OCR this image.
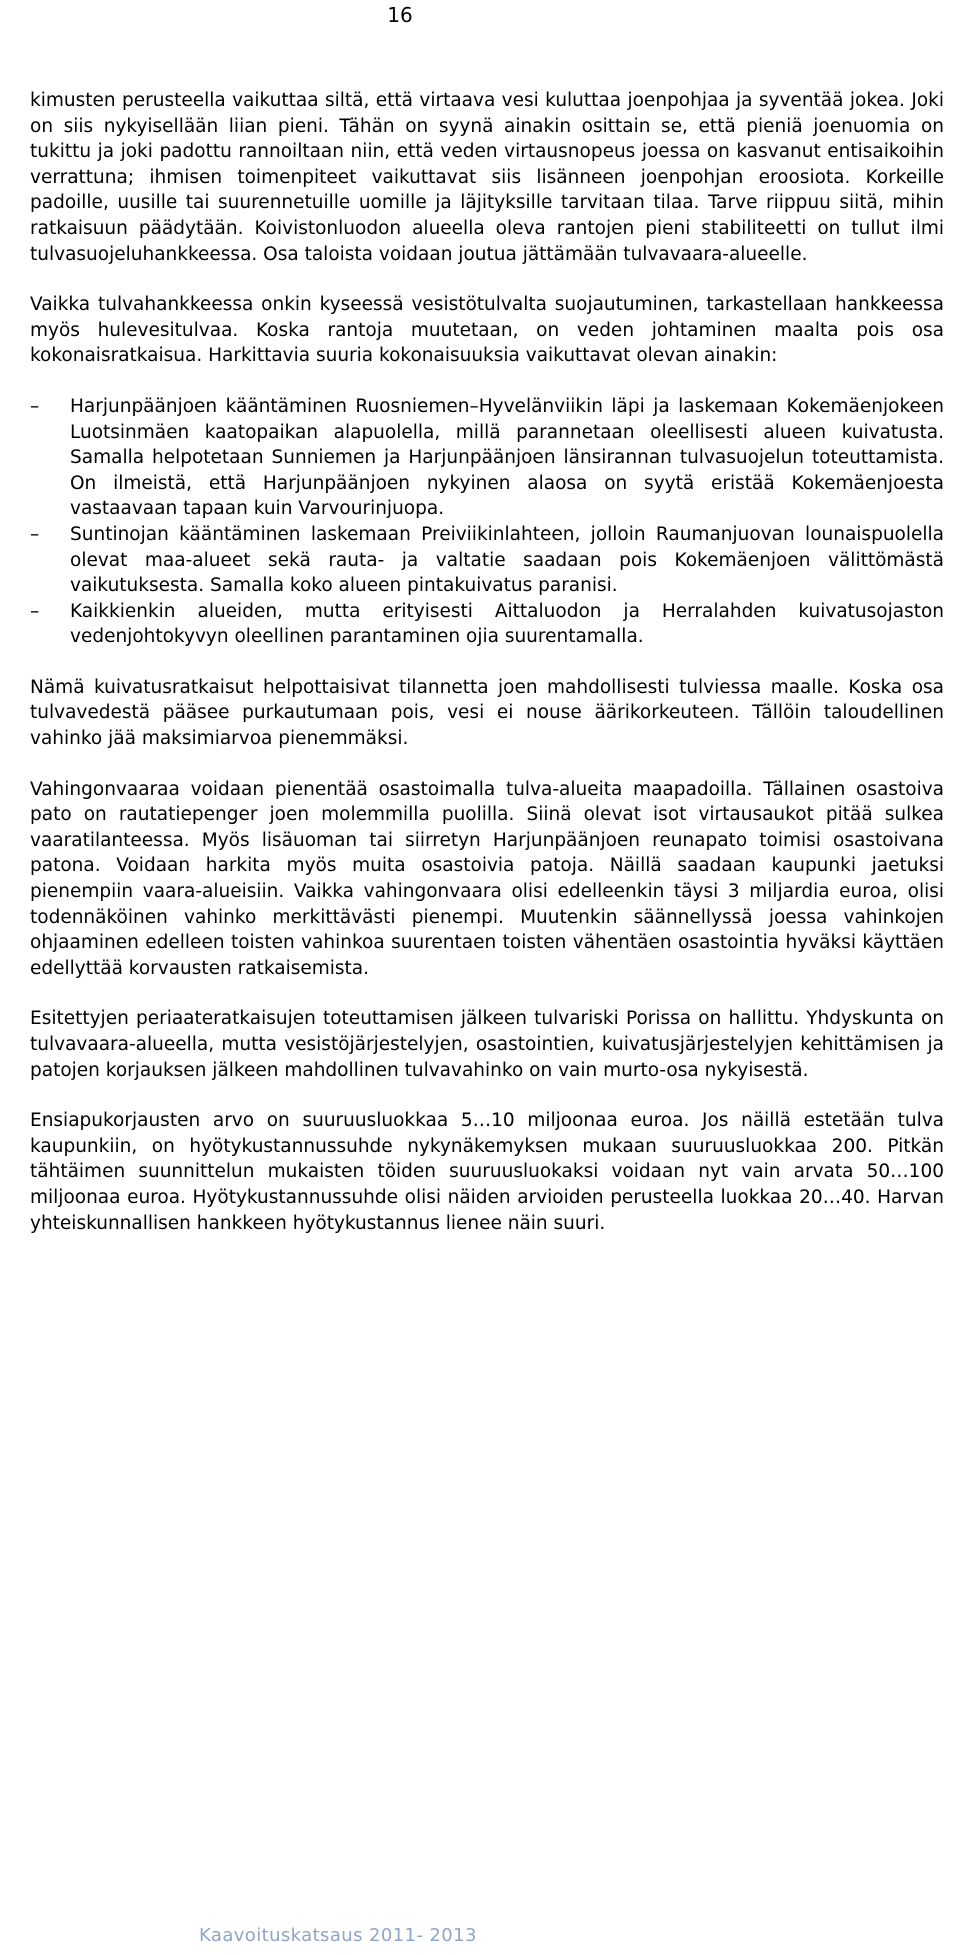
16

kimusten perusteella vaikuttaa siltä, että virtaava vesi kuluttaa joenpohjaa ja syventää jokea. Joki on siis nykyisellään liian pieni. Tähän on syynä ainakin osittain se, että pieniä joenuomia on tukittu ja joki padottu rannoiltaan niin, että veden virtausnopeus joessa on kasvanut entisaikoihin verrattuna; ihmisen toimenpiteet vaikuttavat siis lisänneen joenpohjan eroosiota. Korkeille padoille, uusille tai suurennetuille uomille ja läjityksille tarvitaan tilaa. Tarve riippuu siitä, mihin ratkaisuun päädytään. Koivistonluodon alueella oleva rantojen pieni stabiliteetti on tullut ilmi tulvasuojeluhankkeessa. Osa taloista voidaan joutua jättämään tulvavaara-alueelle.

Vaikka tulvahankkeessa onkin kyseessä vesistötulvalta suojautuminen, tarkastellaan hankkeessa myös hulevesitulvaa. Koska rantoja muutetaan, on veden johtaminen maalta pois osa kokonaisratkaisua. Harkittavia suuria kokonaisuuksia vaikuttavat olevan ainakin:

– Harjunpäänjoen kääntäminen Ruosniemen–Hyvelänviikin läpi ja laskemaan Kokemäenjokeen Luotsinmäen kaatopaikan alapuolella, millä parannetaan oleellisesti alueen kuivatusta. Samalla helpotetaan Sunniemen ja Harjunpäänjoen länsirannan tulvasuojelun toteuttamista. On ilmeistä, että Harjunpäänjoen nykyinen alaosa on syytä eristää Kokemäenjoesta vastaavaan tapaan kuin Varvourinjuopa.
– Suntinojan kääntäminen laskemaan Preiviikinlahteen, jolloin Raumanjuovan lounaispuolella olevat maa-alueet sekä rauta- ja valtatie saadaan pois Kokemäenjoen välittömästä vaikutuksesta. Samalla koko alueen pintakuivatus paranisi.
– Kaikkienkin alueiden, mutta erityisesti Aittaluodon ja Herralahden kuivatusojaston vedenjohtokyvyn oleellinen parantaminen ojia suurentamalla.

Nämä kuivatusratkaisut helpottaisivat tilannetta joen mahdollisesti tulviessa maalle. Koska osa tulvavedestä pääsee purkautumaan pois, vesi ei nouse äärikorkeuteen. Tällöin taloudellinen vahinko jää maksimiarvoa pienemmäksi.

Vahingonvaaraa voidaan pienentää osastoimalla tulva-alueita maapadoilla. Tällainen osastoiva pato on rautatiepenger joen molemmilla puolilla. Siinä olevat isot virtausaukot pitää sulkea vaaratilanteessa. Myös lisäuoman tai siirretyn Harjunpäänjoen reunapato toimisi osastoivana patona. Voidaan harkita myös muita osastoivia patoja. Näillä saadaan kaupunki jaetuksi pienempiin vaara-alueisiin. Vaikka vahingonvaara olisi edelleenkin täysi 3 miljardia euroa, olisi todennäköinen vahinko merkittävästi pienempi. Muutenkin säännellyssä joessa vahinkojen ohjaaminen edelleen toisten vahinkoa suurentaen toisten vähentäen osastointia hyväksi käyttäen edellyttää korvausten ratkaisemista.

Esitettyjen periaateratkaisujen toteuttamisen jälkeen tulvariski Porissa on hallittu. Yhdyskunta on tulvavaara-alueella, mutta vesistöjärjestelyjen, osastointien, kuivatusjärjestelyjen kehittämisen ja patojen korjauksen jälkeen mahdollinen tulvavahinko on vain murto-osa nykyisestä.

Ensiapukorjausten arvo on suuruusluokkaa 5…10 miljoonaa euroa. Jos näillä estetään tulva kaupunkiin, on hyötykustannussuhde nykynäkemyksen mukaan suuruusluokkaa 200. Pitkän tähtäimen suunnittelun mukaisten töiden suuruusluokaksi voidaan nyt vain arvata 50…100 miljoonaa euroa. Hyötykustannussuhde olisi näiden arvioiden perusteella luokkaa 20…40. Harvan yhteiskunnallisen hankkeen hyötykustannus lienee näin suuri.

Kaavoituskatsaus 2011- 2013
